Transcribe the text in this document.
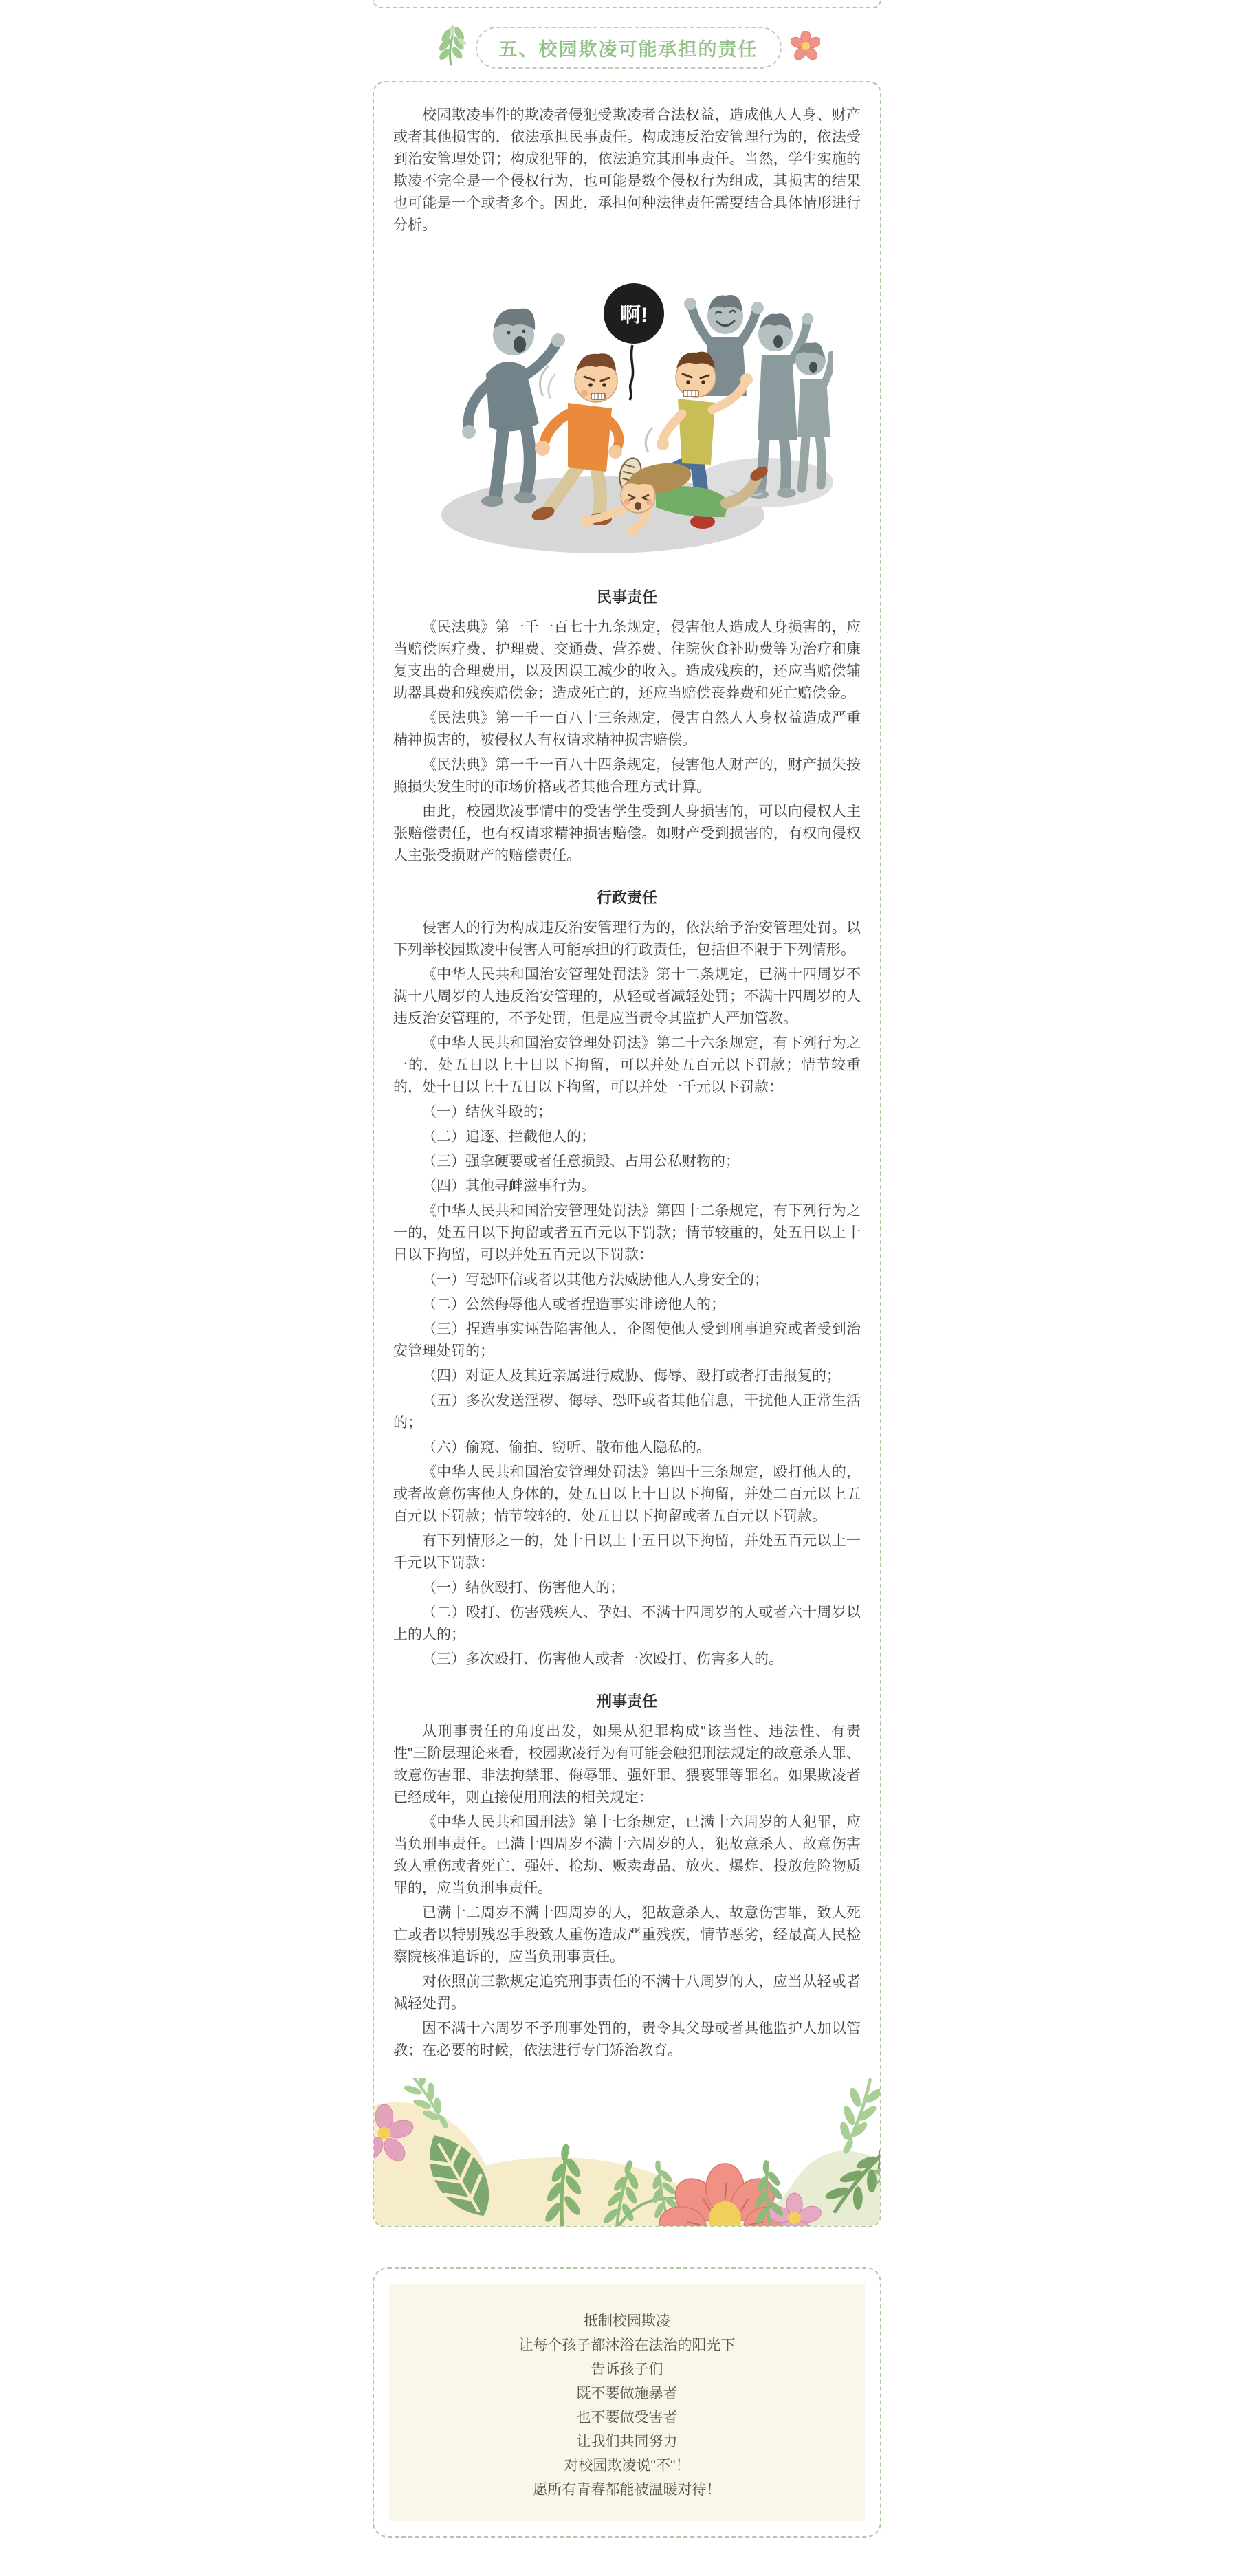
五、校园欺凌可能承担的责任

校园欺凌事件的欺凌者侵犯受欺凌者合法权益，造成他人人身、财产或者其他损害的，依法承担民事责任。构成违反治安管理行为的，依法受到治安管理处罚；构成犯罪的，依法追究其刑事责任。当然，学生实施的欺凌不完全是一个侵权行为，也可能是数个侵权行为组成，其损害的结果也可能是一个或者多个。因此，承担何种法律责任需要结合具体情形进行分析。

啊!
民事责任

《民法典》第一千一百七十九条规定，侵害他人造成人身损害的，应当赔偿医疗费、护理费、交通费、营养费、住院伙食补助费等为治疗和康复支出的合理费用，以及因误工减少的收入。造成残疾的，还应当赔偿辅助器具费和残疾赔偿金；造成死亡的，还应当赔偿丧葬费和死亡赔偿金。

《民法典》第一千一百八十三条规定，侵害自然人人身权益造成严重精神损害的，被侵权人有权请求精神损害赔偿。

《民法典》第一千一百八十四条规定，侵害他人财产的，财产损失按照损失发生时的市场价格或者其他合理方式计算。

由此，校园欺凌事情中的受害学生受到人身损害的，可以向侵权人主张赔偿责任，也有权请求精神损害赔偿。如财产受到损害的，有权向侵权人主张受损财产的赔偿责任。

行政责任

侵害人的行为构成违反治安管理行为的，依法给予治安管理处罚。以下列举校园欺凌中侵害人可能承担的行政责任，包括但不限于下列情形。

《中华人民共和国治安管理处罚法》第十二条规定，已满十四周岁不满十八周岁的人违反治安管理的，从轻或者减轻处罚；不满十四周岁的人违反治安管理的，不予处罚，但是应当责令其监护人严加管教。

《中华人民共和国治安管理处罚法》第二十六条规定，有下列行为之一的，处五日以上十日以下拘留，可以并处五百元以下罚款；情节较重的，处十日以上十五日以下拘留，可以并处一千元以下罚款：

（一）结伙斗殴的；

（二）追逐、拦截他人的；

（三）强拿硬要或者任意损毁、占用公私财物的；

（四）其他寻衅滋事行为。

《中华人民共和国治安管理处罚法》第四十二条规定，有下列行为之一的，处五日以下拘留或者五百元以下罚款；情节较重的，处五日以上十日以下拘留，可以并处五百元以下罚款：

（一）写恐吓信或者以其他方法威胁他人人身安全的；

（二）公然侮辱他人或者捏造事实诽谤他人的；

（三）捏造事实诬告陷害他人，企图使他人受到刑事追究或者受到治安管理处罚的；

（四）对证人及其近亲属进行威胁、侮辱、殴打或者打击报复的；

（五）多次发送淫秽、侮辱、恐吓或者其他信息，干扰他人正常生活的；

（六）偷窥、偷拍、窃听、散布他人隐私的。

《中华人民共和国治安管理处罚法》第四十三条规定，殴打他人的，或者故意伤害他人身体的，处五日以上十日以下拘留，并处二百元以上五百元以下罚款；情节较轻的，处五日以下拘留或者五百元以下罚款。

有下列情形之一的，处十日以上十五日以下拘留，并处五百元以上一千元以下罚款：

（一）结伙殴打、伤害他人的；

（二）殴打、伤害残疾人、孕妇、不满十四周岁的人或者六十周岁以上的人的；

（三）多次殴打、伤害他人或者一次殴打、伤害多人的。

刑事责任

从刑事责任的角度出发，如果从犯罪构成"该当性、违法性、有责性"三阶层理论来看，校园欺凌行为有可能会触犯刑法规定的故意杀人罪、故意伤害罪、非法拘禁罪、侮辱罪、强奸罪、猥亵罪等罪名。如果欺凌者已经成年，则直接使用刑法的相关规定：

《中华人民共和国刑法》第十七条规定，已满十六周岁的人犯罪，应当负刑事责任。已满十四周岁不满十六周岁的人，犯故意杀人、故意伤害致人重伤或者死亡、强奸、抢劫、贩卖毒品、放火、爆炸、投放危险物质罪的，应当负刑事责任。

已满十二周岁不满十四周岁的人，犯故意杀人、故意伤害罪，致人死亡或者以特别残忍手段致人重伤造成严重残疾，情节恶劣，经最高人民检察院核准追诉的，应当负刑事责任。

对依照前三款规定追究刑事责任的不满十八周岁的人，应当从轻或者减轻处罚。

因不满十六周岁不予刑事处罚的，责令其父母或者其他监护人加以管教；在必要的时候，依法进行专门矫治教育。

抵制校园欺凌

让每个孩子都沐浴在法治的阳光下

告诉孩子们

既不要做施暴者

也不要做受害者

让我们共同努力

对校园欺凌说"不"！

愿所有青春都能被温暖对待！
